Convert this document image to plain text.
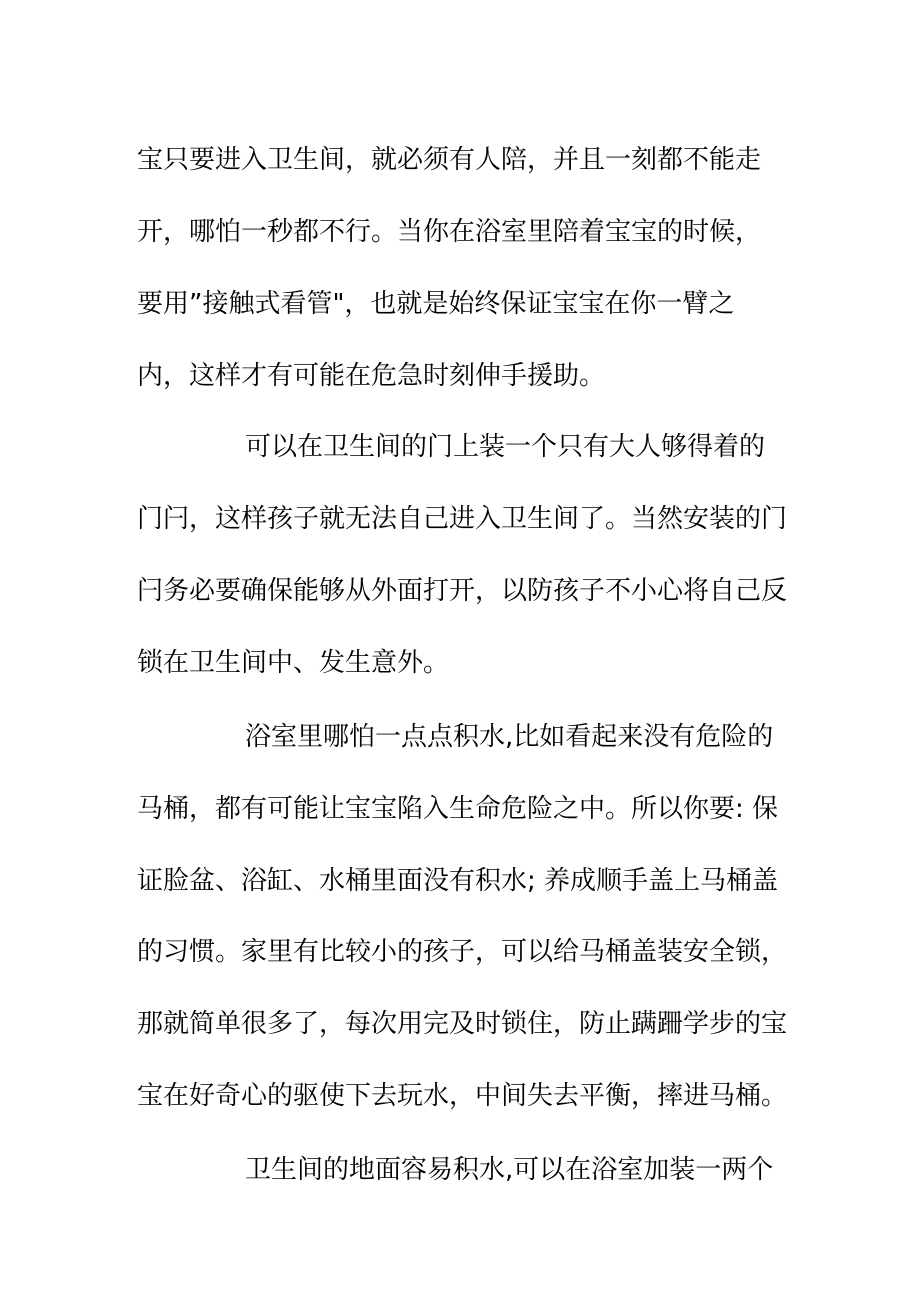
宝只要进入卫生间，就必须有人陪，并且一刻都不能走
开，哪怕一秒都不行。当你在浴室里陪着宝宝的时候，
要用”接触式看管"，也就是始终保证宝宝在你一臂之
内，这样才有可能在危急时刻伸手援助。
可以在卫生间的门上装一个只有大人够得着的
门闩，这样孩子就无法自己进入卫生间了。当然安装的门
闩务必要确保能够从外面打开，以防孩子不小心将自己反
锁在卫生间中、发生意外。
浴室里哪怕一点点积水,比如看起来没有危险的
马桶，都有可能让宝宝陷入生命危险之中。所以你要: 保
证脸盆、浴缸、水桶里面没有积水; 养成顺手盖上马桶盖
的习惯。家里有比较小的孩子，可以给马桶盖装安全锁，
那就简单很多了，每次用完及时锁住，防止蹒跚学步的宝
宝在好奇心的驱使下去玩水，中间失去平衡，摔进马桶。
卫生间的地面容易积水,可以在浴室加装一两个
